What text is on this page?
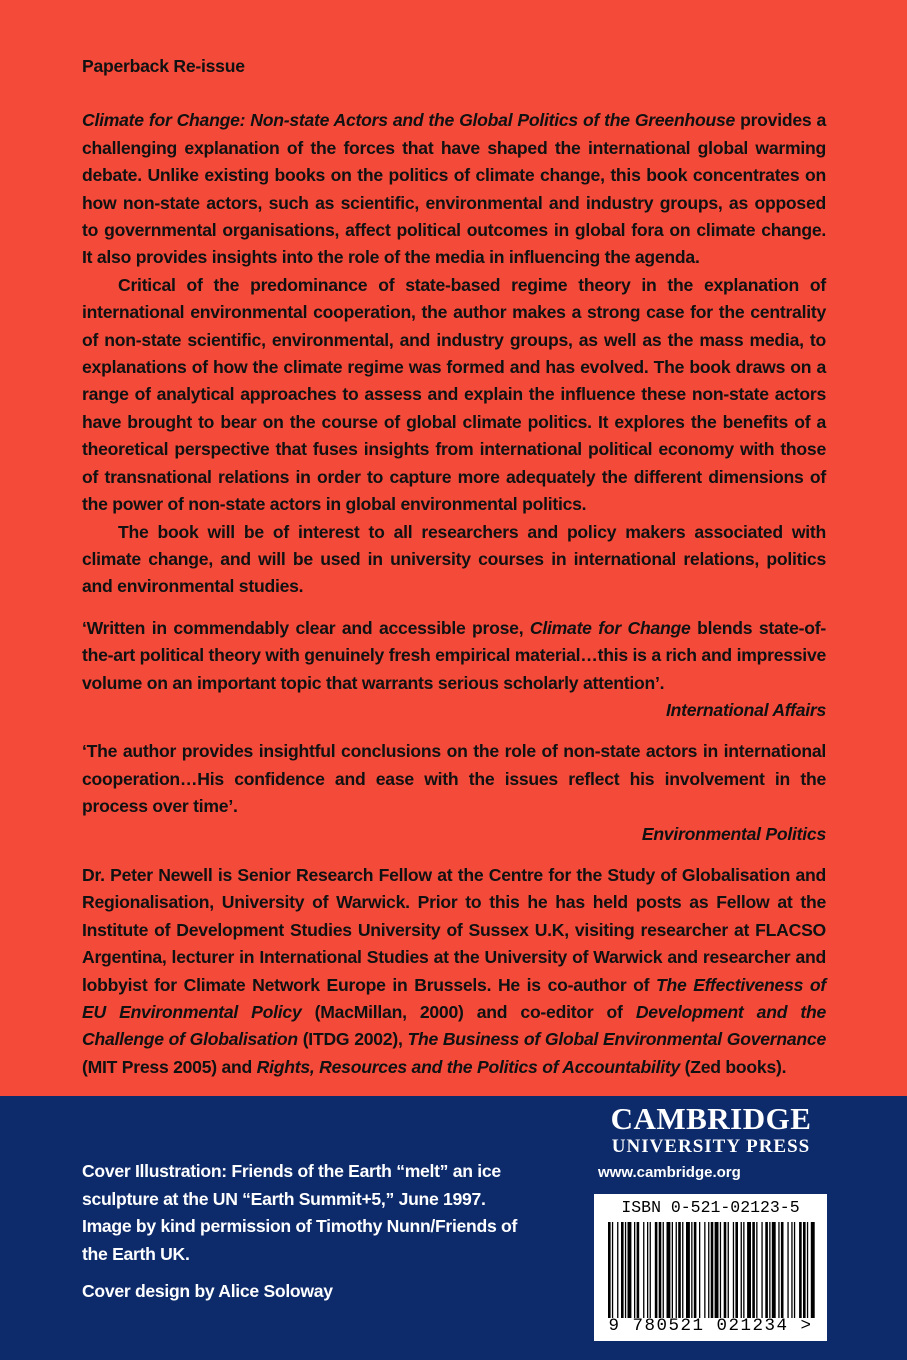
Paperback Re-issue

Climate for Change: Non-state Actors and the Global Politics of the Greenhouse provides a challenging explanation of the forces that have shaped the international global warming debate. Unlike existing books on the politics of climate change, this book concentrates on how non-state actors, such as scientific, environmental and industry groups, as opposed to governmental organisations, affect political outcomes in global fora on climate change. It also provides insights into the role of the media in influencing the agenda.

Critical of the predominance of state-based regime theory in the explanation of international environmental cooperation, the author makes a strong case for the centrality of non-state scientific, environmental, and industry groups, as well as the mass media, to explanations of how the climate regime was formed and has evolved. The book draws on a range of analytical approaches to assess and explain the influence these non-state actors have brought to bear on the course of global climate politics. It explores the benefits of a theoretical perspective that fuses insights from international political economy with those of transnational relations in order to capture more adequately the different dimensions of the power of non-state actors in global environmental politics.

The book will be of interest to all researchers and policy makers associated with climate change, and will be used in university courses in international relations, politics and environmental studies.

‘Written in commendably clear and accessible prose, Climate for Change blends state-of-the-art political theory with genuinely fresh empirical material…this is a rich and impressive volume on an important topic that warrants serious scholarly attention’.

International Affairs

‘The author provides insightful conclusions on the role of non-state actors in international cooperation…His confidence and ease with the issues reflect his involvement in the process over time’.

Environmental Politics

Dr. Peter Newell is Senior Research Fellow at the Centre for the Study of Globalisation and Regionalisation, University of Warwick. Prior to this he has held posts as Fellow at the Institute of Development Studies University of Sussex U.K, visiting researcher at FLACSO Argentina, lecturer in International Studies at the University of Warwick and researcher and lobbyist for Climate Network Europe in Brussels. He is co-author of The Effectiveness of EU Environmental Policy (MacMillan, 2000) and co-editor of Development and the Challenge of Globalisation (ITDG 2002), The Business of Global Environmental Governance (MIT Press 2005) and Rights, Resources and the Politics of Accountability (Zed books).

Cover Illustration: Friends of the Earth “melt” an ice sculpture at the UN “Earth Summit+5,” June 1997. Image by kind permission of Timothy Nunn/Friends of the Earth UK.

Cover design by Alice Soloway

CAMBRIDGE
UNIVERSITY PRESS
www.cambridge.org
ISBN 0-521-02123-5
9 780521 021234 >
